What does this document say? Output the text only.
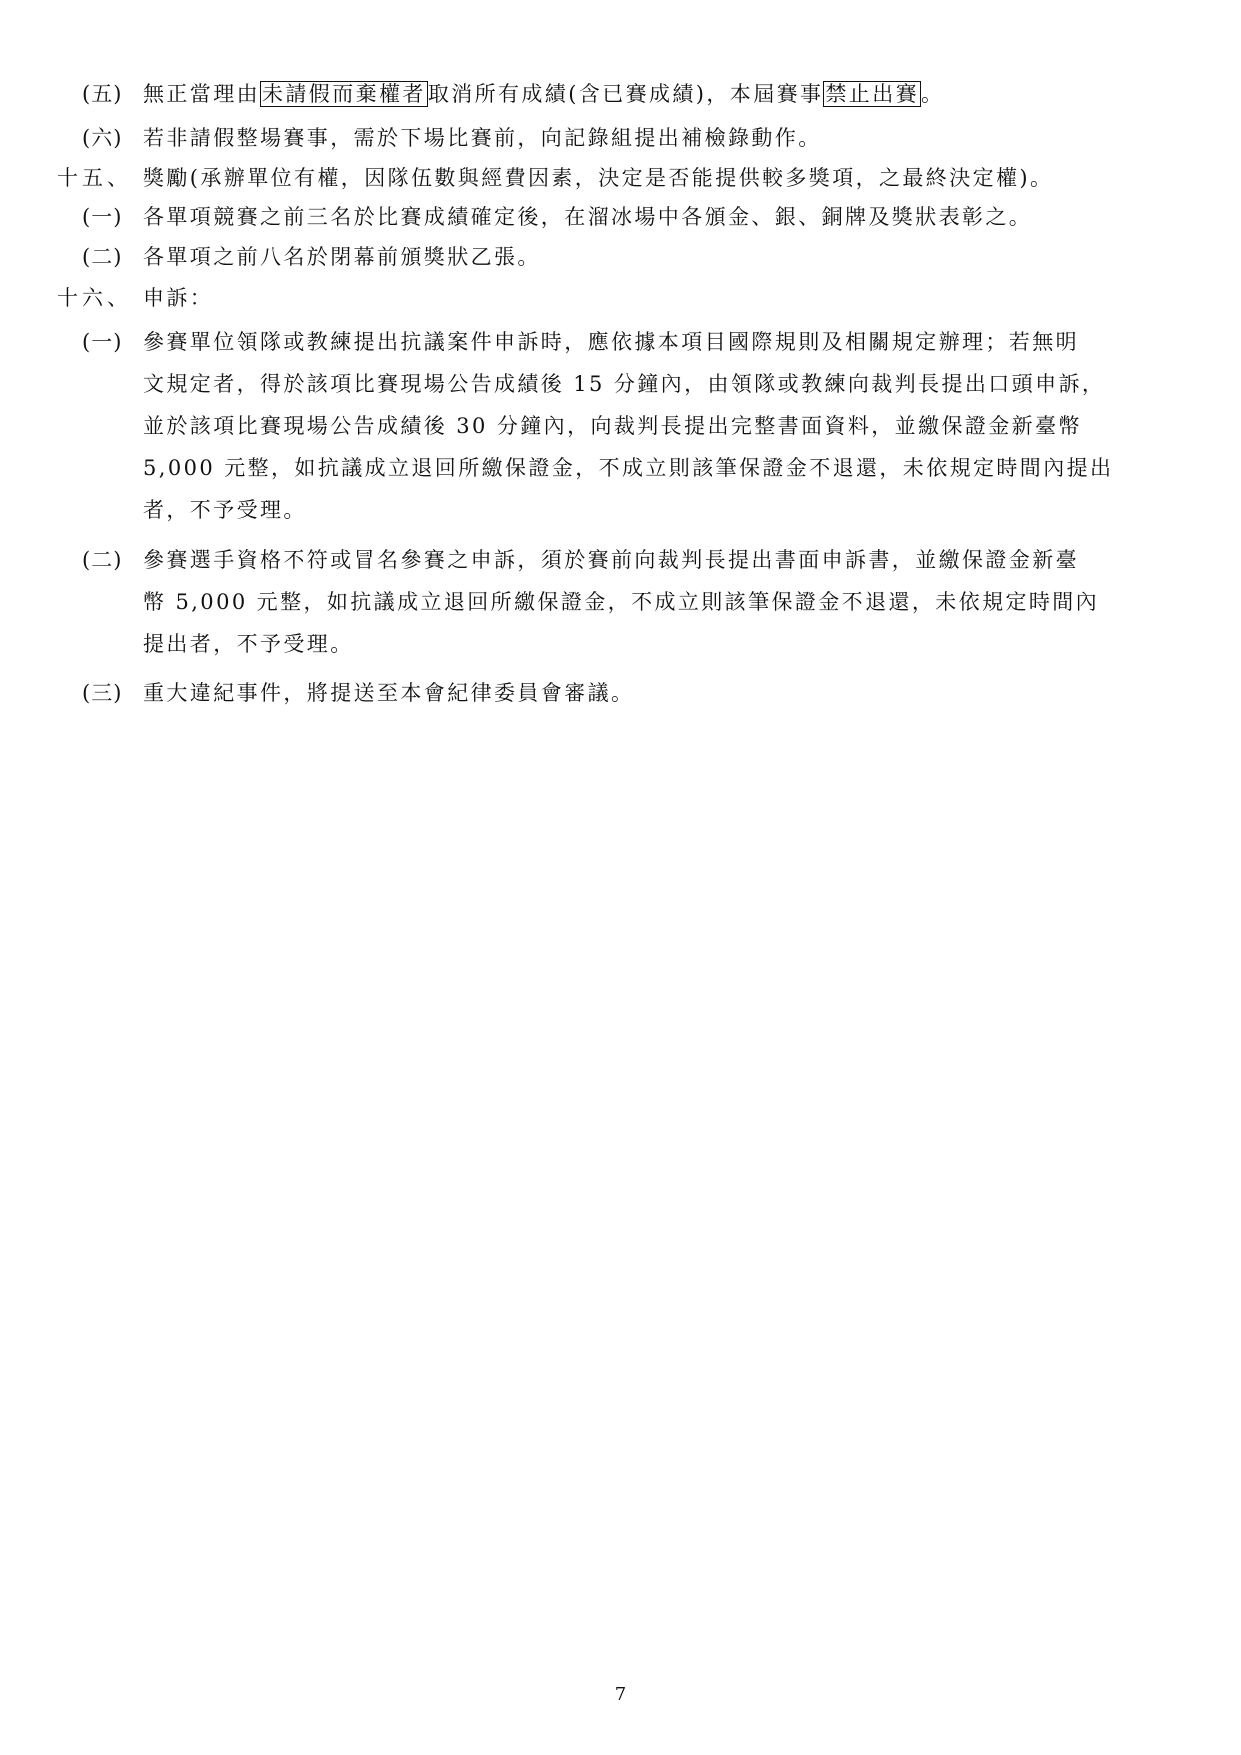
(五) 無正當理由未請假而棄權者取消所有成績(含已賽成績)，本屆賽事禁止出賽。
(六) 若非請假整場賽事，需於下場比賽前，向記錄組提出補檢錄動作。
十五、 獎勵(承辦單位有權，因隊伍數與經費因素，決定是否能提供較多獎項，之最終決定權)。
(一) 各單項競賽之前三名於比賽成績確定後，在溜冰場中各頒金、銀、銅牌及獎狀表彰之。
(二) 各單項之前八名於閉幕前頒獎狀乙張。
十六、 申訴：
(一) 參賽單位領隊或教練提出抗議案件申訴時，應依據本項目國際規則及相關規定辦理；若無明
文規定者，得於該項比賽現場公告成績後 15 分鐘內，由領隊或教練向裁判長提出口頭申訴，
並於該項比賽現場公告成績後 30 分鐘內，向裁判長提出完整書面資料，並繳保證金新臺幣
5,000 元整，如抗議成立退回所繳保證金，不成立則該筆保證金不退還，未依規定時間內提出
者，不予受理。
(二) 參賽選手資格不符或冒名參賽之申訴，須於賽前向裁判長提出書面申訴書，並繳保證金新臺
幣 5,000 元整，如抗議成立退回所繳保證金，不成立則該筆保證金不退還，未依規定時間內
提出者，不予受理。
(三) 重大違紀事件，將提送至本會紀律委員會審議。
7
